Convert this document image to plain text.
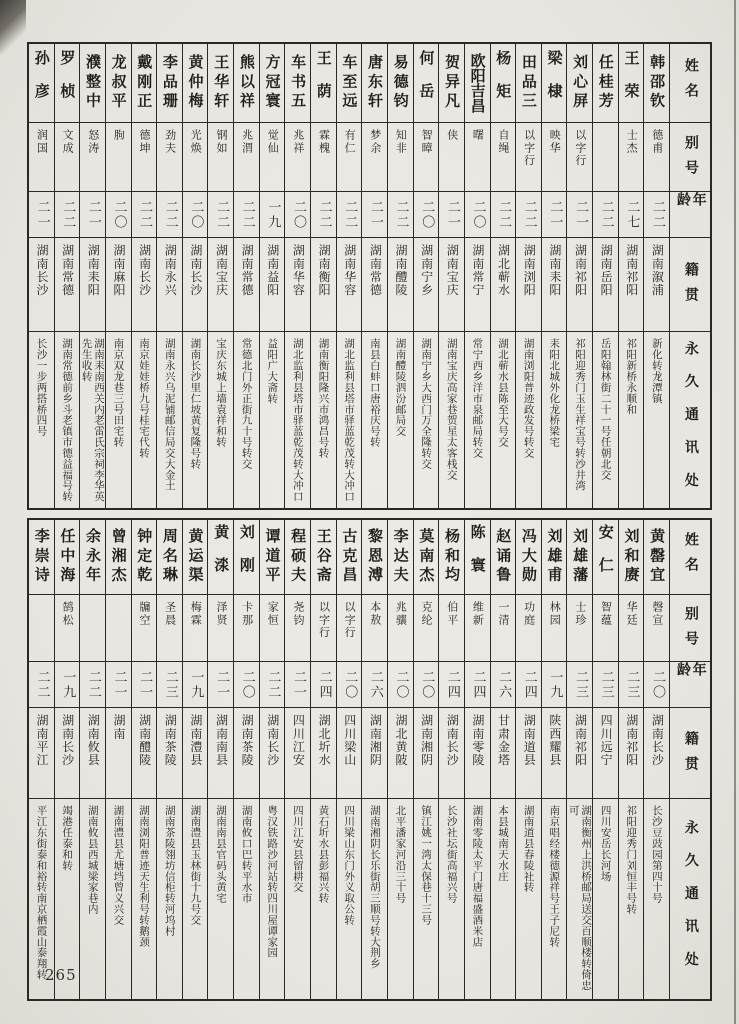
姓名
别号
年龄
籍贯
永久通讯处
韩邵钦
德甫
二二
湖南溆浦
新化转龙潭镇
王荣
士杰
二七
湖南祁阳
祁阳新桥永顺和
任桂芳
二二
湖南岳阳
岳阳翰林街二十一号任朝北交
刘心屏
以字行
二一
湖南祁阳
祁阳迎秀门玉生祥宝号转沙井湾
梁棣
映华
二一
湖南耒阳
耒阳北城外化龙桥梁宅
田品三
以字行
二二
湖南浏阳
湖南浏阳普迹政发号转交
杨矩
自绳
二二
湖北蕲水
湖北蕲水县陈至大号交
欧阳吉昌
曙
二〇
湖南常宁
常宁西乡洋市泉邮局转交
贺异凡
侠
二一
湖南宝庆
湖南宝庆高家巷贺星太客栈交
何岳
智暲
二〇
湖南宁乡
湖南宁乡大西门万全隆转交
易德钧
知非
二二
湖南醴陵
湖南醴陵泗汾邮局交
唐东轩
梦余
二一
湖南常德
南县白蚌口唐裕庆号转
车至远
有仁
二二
湖南华容
湖北监利县塔市驿蓝乾茂转大冲口
王荫
霖槐
二二
湖南衡阳
湖南衡阳隆兴市鸿昌号转
车书五
兆祥
二〇
湖南华容
湖北监利县塔市驿蓝乾茂转大冲口
方冠寰
觉仙
一九
湖南益阳
益阳广大斋转
熊以祥
兆渭
二二
湖南常德
常德北门外正街九十号转交
王华轩
钢如
二二
湖南宝庆
宝庆东城上墙袁祥和转
黄仲梅
光焕
二〇
湖南长沙
湖南长沙里仁坡黄复隆号转
李品珊
劲夫
二二
湖南永兴
湖南永兴乌泥铺邮信局交大金土
戴刚正
德坤
二二
湖南长沙
南京娃娃桥九号桂宅代转
龙叔平
朐
二〇
湖南麻阳
南京双龙巷三号田宅转
濮整中
怒涛
二一
湖南耒阳
湖南耒南西关内老雷氏宗祠李华英先生收转
罗桢
文成
二二
湖南常德
湖南常德前乡斗老镇市德益福号转
孙彦
润国
二一
湖南长沙
长沙一步两搭桥四号
姓名
别号
年龄
籍贯
永久通讯处
黄罄宜
磬宣
二〇
湖南长沙
长沙豆豉园第四十号
刘和赓
华廷
二三
湖南祁阳
祁阳迎秀门刘恒丰号转
安仁
智蕴
二三
四川远宁
四川安岳长河场
刘雄藩
士珍
二三
湖南祁阳
湖南衡州上洪桥邮局送交百顺楼转倚忠可
刘雄甫
林园
一九
陕西耀县
南京唱经楼德源祥号王子尼转
冯大勋
功庭
二四
湖南道县
湖南道县春陵社转
赵诵鲁
一清
二六
甘肃金塔
本县城南天水庄
陈寰
维新
二四
湖南零陵
湖南零陵太平门唐福盛酒米店
杨和均
伯平
二四
湖南长沙
长沙社坛街高福兴号
莫南杰
克纶
二〇
湖南湘阴
镇江姚一湾太保巷十三号
李达夫
兆骧
二〇
湖北黄陂
北平潘家河沿三十号
黎恩溥
本敖
二六
湖南湘阴
湖南湘阴长乐街胡三顺号转大荆乡
古克昌
以字行
二〇
四川梁山
四川梁山东门外义取公转
王谷斋
以字行
二四
湖北圻水
黄石圻水县彭福兴转
程硕夫
尧钧
二一
四川江安
四川江安县留耕交
谭道平
家恒
二二
湖南长沙
粤汉铁路沙河站转四川屋谭家园
刘刚
卡那
二〇
湖南茶陵
湖南攸口巴转平水市
黄渁
泽贤
二一
湖南南县
湖南南县官码头黄宅
黄运渠
梅霖
一九
湖南澧县
湖南澧县玉林街十九号交
周名琳
圣晨
二三
湖南茶陵
湖南茶陵翎坊信柜转河坞村
钟定乾
牖空
二一
湖南醴陵
湖南浏阳普迹天生利号转鹅颈
曾湘杰
二一
湖南
湖南澧县尤塘垱曾义兴交
余永年
二二
湖南攸县
湖南攸县西城梁家巷内
任中海
鹄松
一九
湖南长沙
竭港任泰和转
李崇诗
二二
湖南平江
平江东街泰和裕转南京栖霞山泰翔转
265
